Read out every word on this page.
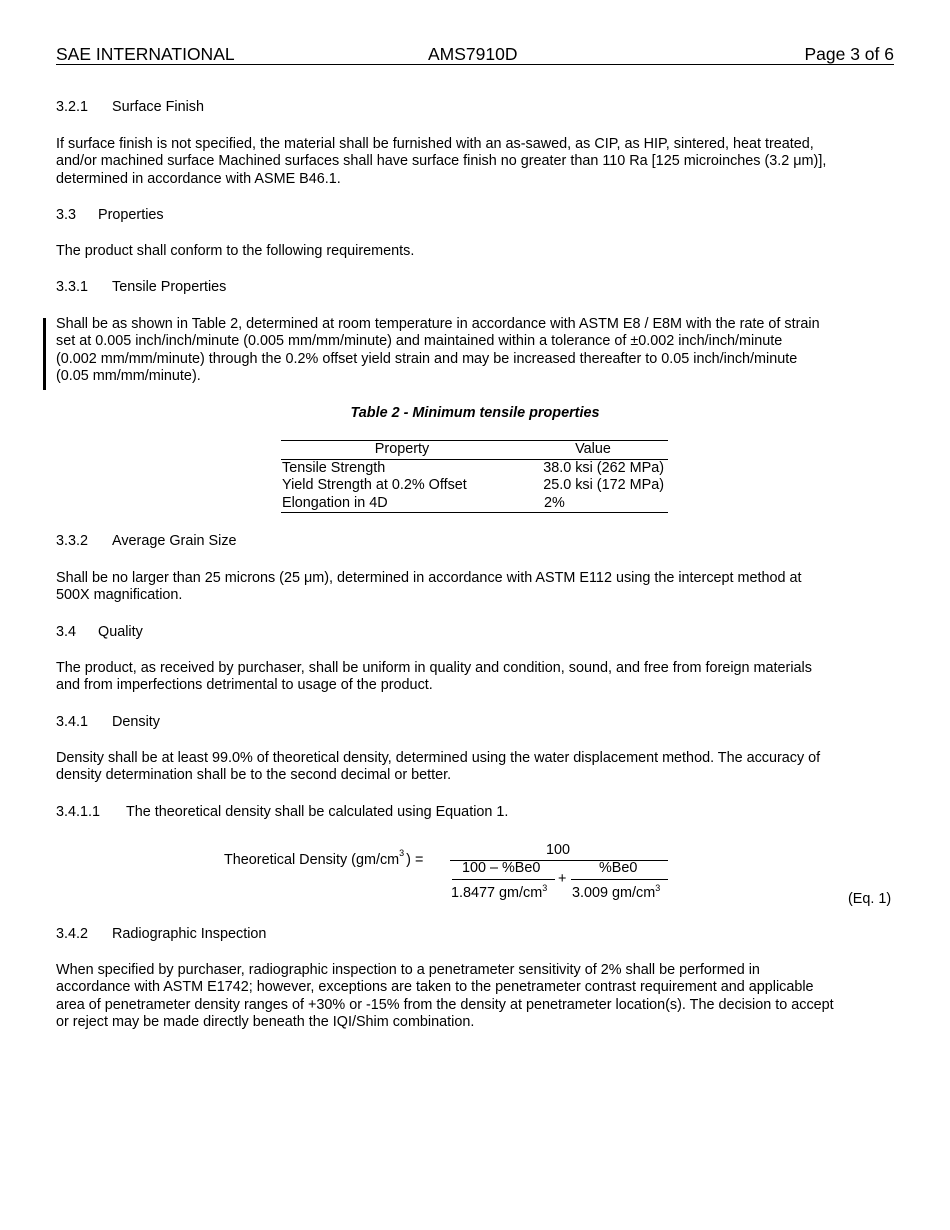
SAE INTERNATIONAL	AMS7910D	Page 3 of 6
3.2.1 Surface Finish
If surface finish is not specified, the material shall be furnished with an as-sawed, as CIP, as HIP, sintered, heat treated,
and/or machined surface Machined surfaces shall have surface finish no greater than 110 Ra [125 microinches (3.2 μm)],
determined in accordance with ASME B46.1.
3.3 Properties
The product shall conform to the following requirements.
3.3.1 Tensile Properties
Shall be as shown in Table 2, determined at room temperature in accordance with ASTM E8 / E8M with the rate of strain
set at 0.005 inch/inch/minute (0.005 mm/mm/minute) and maintained within a tolerance of ±0.002 inch/inch/minute
(0.002 mm/mm/minute) through the 0.2% offset yield strain and may be increased thereafter to 0.05 inch/inch/minute
(0.05 mm/mm/minute).
Table 2 - Minimum tensile properties
Property	Value
Tensile Strength	38.0 ksi (262 MPa)
Yield Strength at 0.2% Offset	25.0 ksi (172 MPa)
Elongation in 4D	2%
3.3.2 Average Grain Size
Shall be no larger than 25 microns (25 μm), determined in accordance with ASTM E112 using the intercept method at
500X magnification.
3.4 Quality
The product, as received by purchaser, shall be uniform in quality and condition, sound, and free from foreign materials
and from imperfections detrimental to usage of the product.
3.4.1 Density
Density shall be at least 99.0% of theoretical density, determined using the water displacement method. The accuracy of
density determination shall be to the second decimal or better.
3.4.1.1 The theoretical density shall be calculated using Equation 1.
Theoretical Density ($gm/cm^3$ ) =
100
100 – %Be0
1.8477 $gm/cm^3$
+
%Be0
3.009 $gm/cm^3$
(Eq. 1)
3.4.2 Radiographic Inspection
When specified by purchaser, radiographic inspection to a penetrameter sensitivity of 2% shall be performed in
accordance with ASTM E1742; however, exceptions are taken to the penetrameter contrast requirement and applicable
area of penetrameter density ranges of +30% or -15% from the density at penetrameter location(s). The decision to accept
or reject may be made directly beneath the IQI/Shim combination.
